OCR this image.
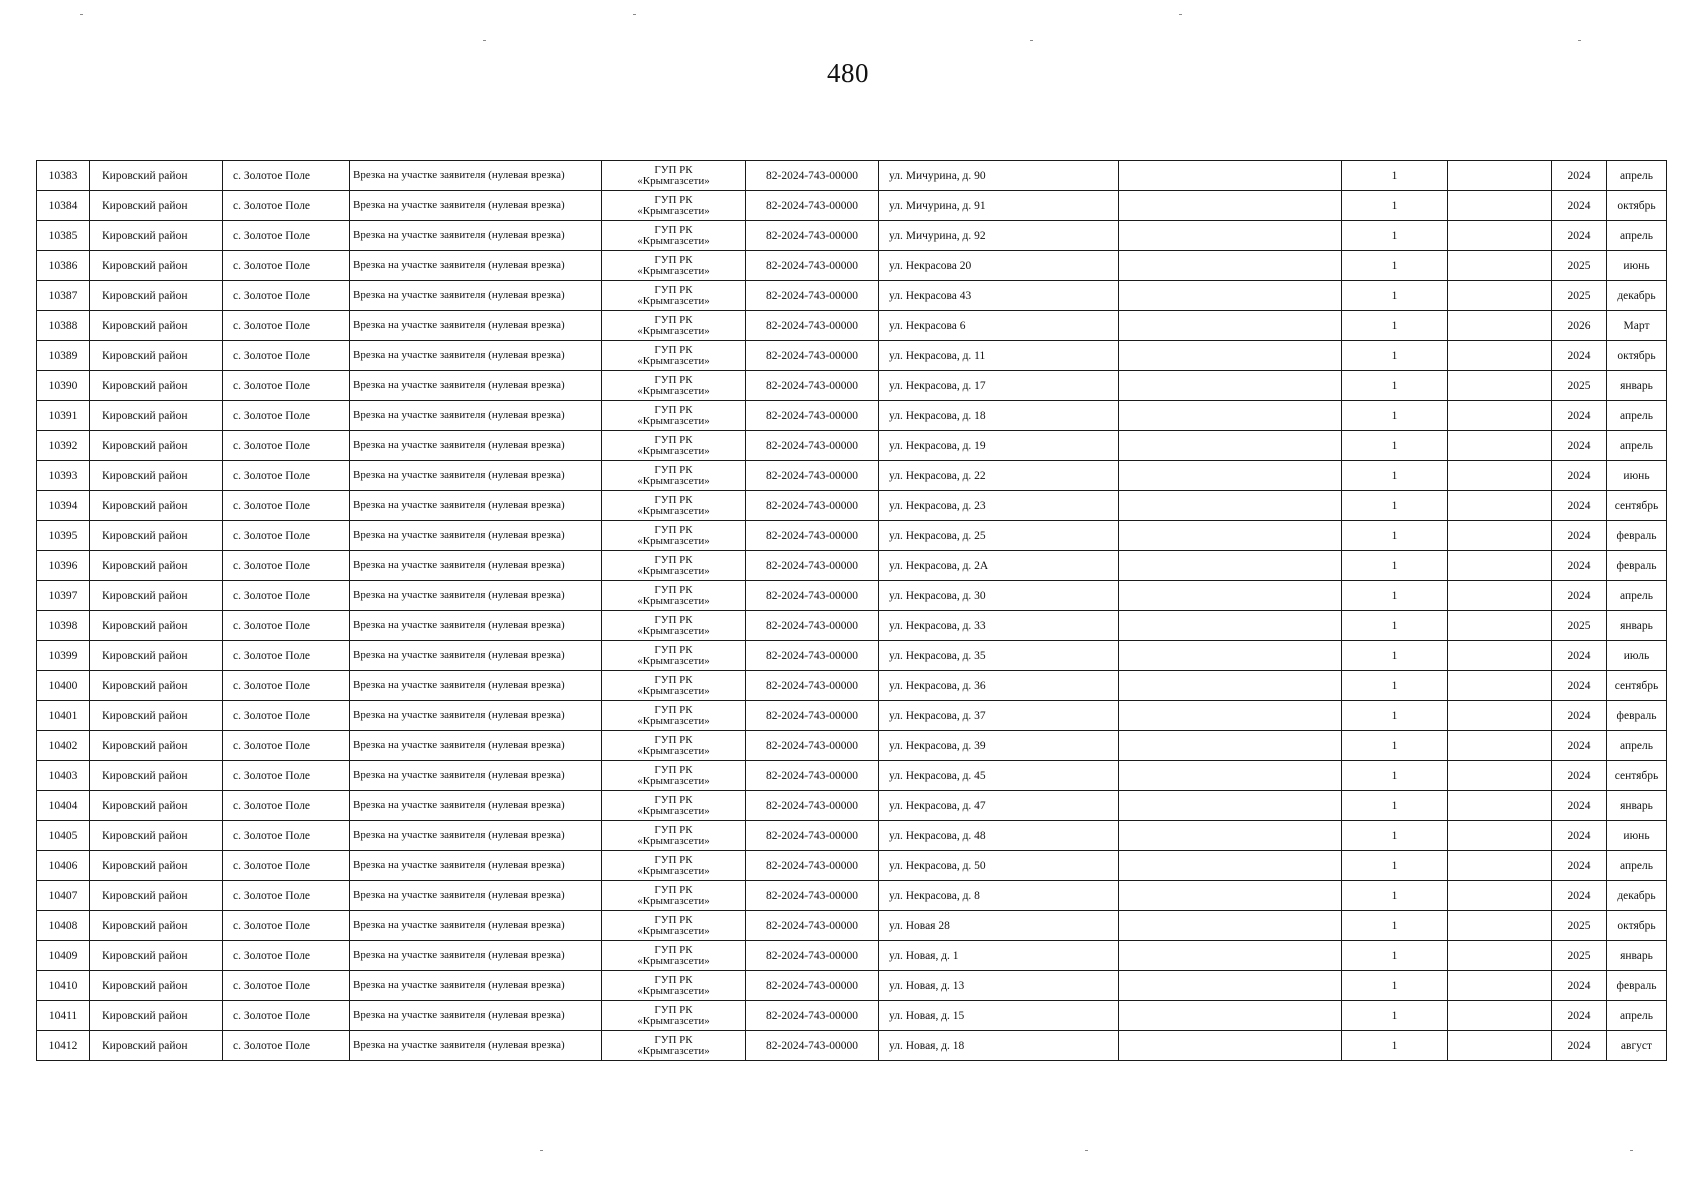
480
10383	Кировский район	с. Золотое Поле	Врезка на участке заявителя (нулевая врезка)	ГУП РК
«Крымгазсети»	82-2024-743-00000	ул. Мичурина, д. 90		1		2024	апрель
10384	Кировский район	с. Золотое Поле	Врезка на участке заявителя (нулевая врезка)	ГУП РК
«Крымгазсети»	82-2024-743-00000	ул. Мичурина, д. 91		1		2024	октябрь
10385	Кировский район	с. Золотое Поле	Врезка на участке заявителя (нулевая врезка)	ГУП РК
«Крымгазсети»	82-2024-743-00000	ул. Мичурина, д. 92		1		2024	апрель
10386	Кировский район	с. Золотое Поле	Врезка на участке заявителя (нулевая врезка)	ГУП РК
«Крымгазсети»	82-2024-743-00000	ул. Некрасова 20		1		2025	июнь
10387	Кировский район	с. Золотое Поле	Врезка на участке заявителя (нулевая врезка)	ГУП РК
«Крымгазсети»	82-2024-743-00000	ул. Некрасова 43		1		2025	декабрь
10388	Кировский район	с. Золотое Поле	Врезка на участке заявителя (нулевая врезка)	ГУП РК
«Крымгазсети»	82-2024-743-00000	ул. Некрасова 6		1		2026	Март
10389	Кировский район	с. Золотое Поле	Врезка на участке заявителя (нулевая врезка)	ГУП РК
«Крымгазсети»	82-2024-743-00000	ул. Некрасова, д. 11		1		2024	октябрь
10390	Кировский район	с. Золотое Поле	Врезка на участке заявителя (нулевая врезка)	ГУП РК
«Крымгазсети»	82-2024-743-00000	ул. Некрасова, д. 17		1		2025	январь
10391	Кировский район	с. Золотое Поле	Врезка на участке заявителя (нулевая врезка)	ГУП РК
«Крымгазсети»	82-2024-743-00000	ул. Некрасова, д. 18		1		2024	апрель
10392	Кировский район	с. Золотое Поле	Врезка на участке заявителя (нулевая врезка)	ГУП РК
«Крымгазсети»	82-2024-743-00000	ул. Некрасова, д. 19		1		2024	апрель
10393	Кировский район	с. Золотое Поле	Врезка на участке заявителя (нулевая врезка)	ГУП РК
«Крымгазсети»	82-2024-743-00000	ул. Некрасова, д. 22		1		2024	июнь
10394	Кировский район	с. Золотое Поле	Врезка на участке заявителя (нулевая врезка)	ГУП РК
«Крымгазсети»	82-2024-743-00000	ул. Некрасова, д. 23		1		2024	сентябрь
10395	Кировский район	с. Золотое Поле	Врезка на участке заявителя (нулевая врезка)	ГУП РК
«Крымгазсети»	82-2024-743-00000	ул. Некрасова, д. 25		1		2024	февраль
10396	Кировский район	с. Золотое Поле	Врезка на участке заявителя (нулевая врезка)	ГУП РК
«Крымгазсети»	82-2024-743-00000	ул. Некрасова, д. 2А		1		2024	февраль
10397	Кировский район	с. Золотое Поле	Врезка на участке заявителя (нулевая врезка)	ГУП РК
«Крымгазсети»	82-2024-743-00000	ул. Некрасова, д. 30		1		2024	апрель
10398	Кировский район	с. Золотое Поле	Врезка на участке заявителя (нулевая врезка)	ГУП РК
«Крымгазсети»	82-2024-743-00000	ул. Некрасова, д. 33		1		2025	январь
10399	Кировский район	с. Золотое Поле	Врезка на участке заявителя (нулевая врезка)	ГУП РК
«Крымгазсети»	82-2024-743-00000	ул. Некрасова, д. 35		1		2024	июль
10400	Кировский район	с. Золотое Поле	Врезка на участке заявителя (нулевая врезка)	ГУП РК
«Крымгазсети»	82-2024-743-00000	ул. Некрасова, д. 36		1		2024	сентябрь
10401	Кировский район	с. Золотое Поле	Врезка на участке заявителя (нулевая врезка)	ГУП РК
«Крымгазсети»	82-2024-743-00000	ул. Некрасова, д. 37		1		2024	февраль
10402	Кировский район	с. Золотое Поле	Врезка на участке заявителя (нулевая врезка)	ГУП РК
«Крымгазсети»	82-2024-743-00000	ул. Некрасова, д. 39		1		2024	апрель
10403	Кировский район	с. Золотое Поле	Врезка на участке заявителя (нулевая врезка)	ГУП РК
«Крымгазсети»	82-2024-743-00000	ул. Некрасова, д. 45		1		2024	сентябрь
10404	Кировский район	с. Золотое Поле	Врезка на участке заявителя (нулевая врезка)	ГУП РК
«Крымгазсети»	82-2024-743-00000	ул. Некрасова, д. 47		1		2024	январь
10405	Кировский район	с. Золотое Поле	Врезка на участке заявителя (нулевая врезка)	ГУП РК
«Крымгазсети»	82-2024-743-00000	ул. Некрасова, д. 48		1		2024	июнь
10406	Кировский район	с. Золотое Поле	Врезка на участке заявителя (нулевая врезка)	ГУП РК
«Крымгазсети»	82-2024-743-00000	ул. Некрасова, д. 50		1		2024	апрель
10407	Кировский район	с. Золотое Поле	Врезка на участке заявителя (нулевая врезка)	ГУП РК
«Крымгазсети»	82-2024-743-00000	ул. Некрасова, д. 8		1		2024	декабрь
10408	Кировский район	с. Золотое Поле	Врезка на участке заявителя (нулевая врезка)	ГУП РК
«Крымгазсети»	82-2024-743-00000	ул. Новая 28		1		2025	октябрь
10409	Кировский район	с. Золотое Поле	Врезка на участке заявителя (нулевая врезка)	ГУП РК
«Крымгазсети»	82-2024-743-00000	ул. Новая, д. 1		1		2025	январь
10410	Кировский район	с. Золотое Поле	Врезка на участке заявителя (нулевая врезка)	ГУП РК
«Крымгазсети»	82-2024-743-00000	ул. Новая, д. 13		1		2024	февраль
10411	Кировский район	с. Золотое Поле	Врезка на участке заявителя (нулевая врезка)	ГУП РК
«Крымгазсети»	82-2024-743-00000	ул. Новая, д. 15		1		2024	апрель
10412	Кировский район	с. Золотое Поле	Врезка на участке заявителя (нулевая врезка)	ГУП РК
«Крымгазсети»	82-2024-743-00000	ул. Новая, д. 18		1		2024	август
